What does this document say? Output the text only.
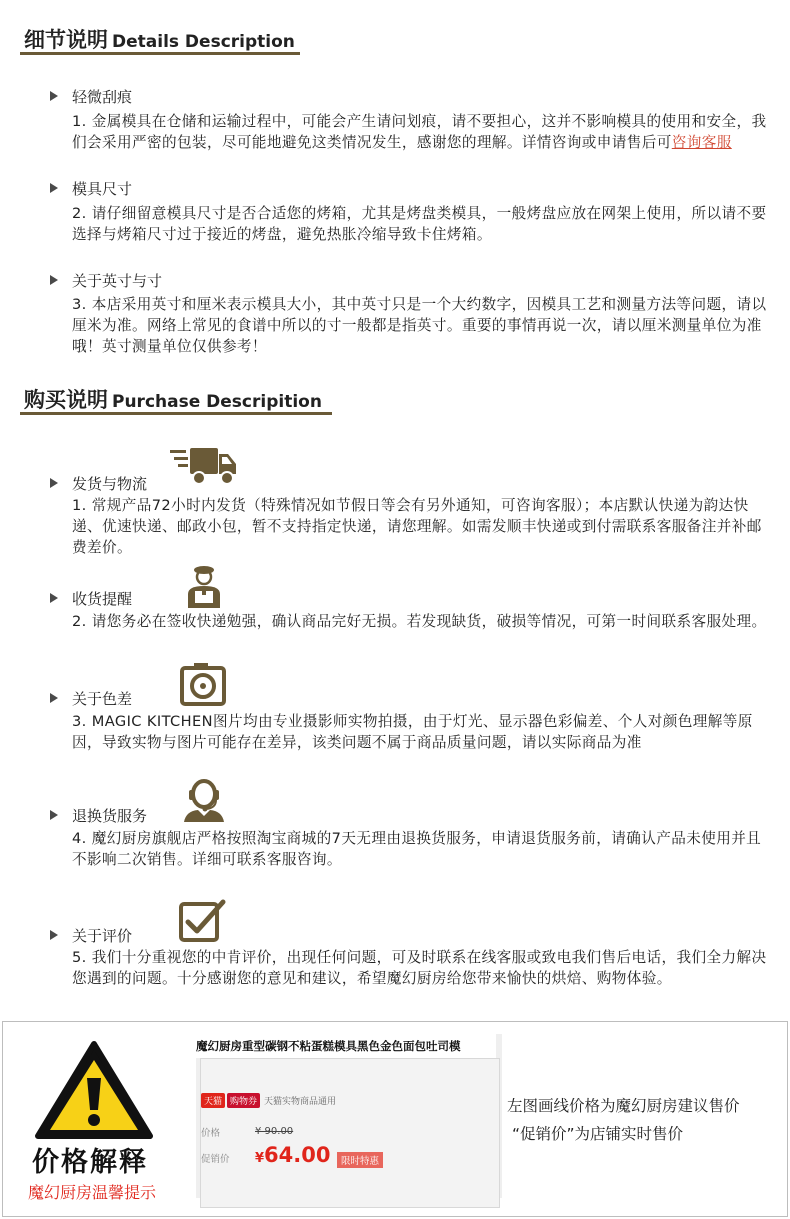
细节说明 Details Description
轻微刮痕
1. 金属模具在仓储和运输过程中，可能会产生请问划痕，请不要担心，这并不影响模具的使用和安全，我们会采用严密的包装，尽可能地避免这类情况发生，感谢您的理解。详情咨询或申请售后可咨询客服
模具尺寸
2. 请仔细留意模具尺寸是否合适您的烤箱，尤其是烤盘类模具，一般烤盘应放在网架上使用，所以请不要选择与烤箱尺寸过于接近的烤盘，避免热胀冷缩导致卡住烤箱。
关于英寸与寸
3. 本店采用英寸和厘米表示模具大小，其中英寸只是一个大约数字，因模具工艺和测量方法等问题，请以厘米为准。网络上常见的食谱中所以的寸一般都是指英寸。重要的事情再说一次，请以厘米测量单位为准哦！英寸测量单位仅供参考！
购买说明 Purchase Descripition
发货与物流
1. 常规产品72小时内发货（特殊情况如节假日等会有另外通知，可咨询客服）；本店默认快递为韵达快递、优速快递、邮政小包，暂不支持指定快递，请您理解。如需发顺丰快递或到付需联系客服备注并补邮费差价。
收货提醒
2. 请您务必在签收快递勉强，确认商品完好无损。若发现缺货，破损等情况，可第一时间联系客服处理。
关于色差
3. MAGIC KITCHEN图片均由专业摄影师实物拍摄，由于灯光、显示器色彩偏差、个人对颜色理解等原因，导致实物与图片可能存在差异，该类问题不属于商品质量问题，请以实际商品为准
退换货服务
4. 魔幻厨房旗舰店严格按照淘宝商城的7天无理由退换货服务，申请退货服务前，请确认产品未使用并且不影响二次销售。详细可联系客服咨询。
关于评价
5. 我们十分重视您的中肯评价，出现任何问题，可及时联系在线客服或致电我们售后电话，我们全力解决您遇到的问题。十分感谢您的意见和建议，希望魔幻厨房给您带来愉快的烘焙、购物体验。
价格解释
魔幻厨房温馨提示
魔幻厨房重型碳钢不粘蛋糕模具黑色金色面包吐司模
天猫 购物券 天猫实物商品通用
价格	¥ 90.00
促销价 ¥64.00	限时特惠
左图画线价格为魔幻厨房建议售价
“促销价”为店铺实时售价
